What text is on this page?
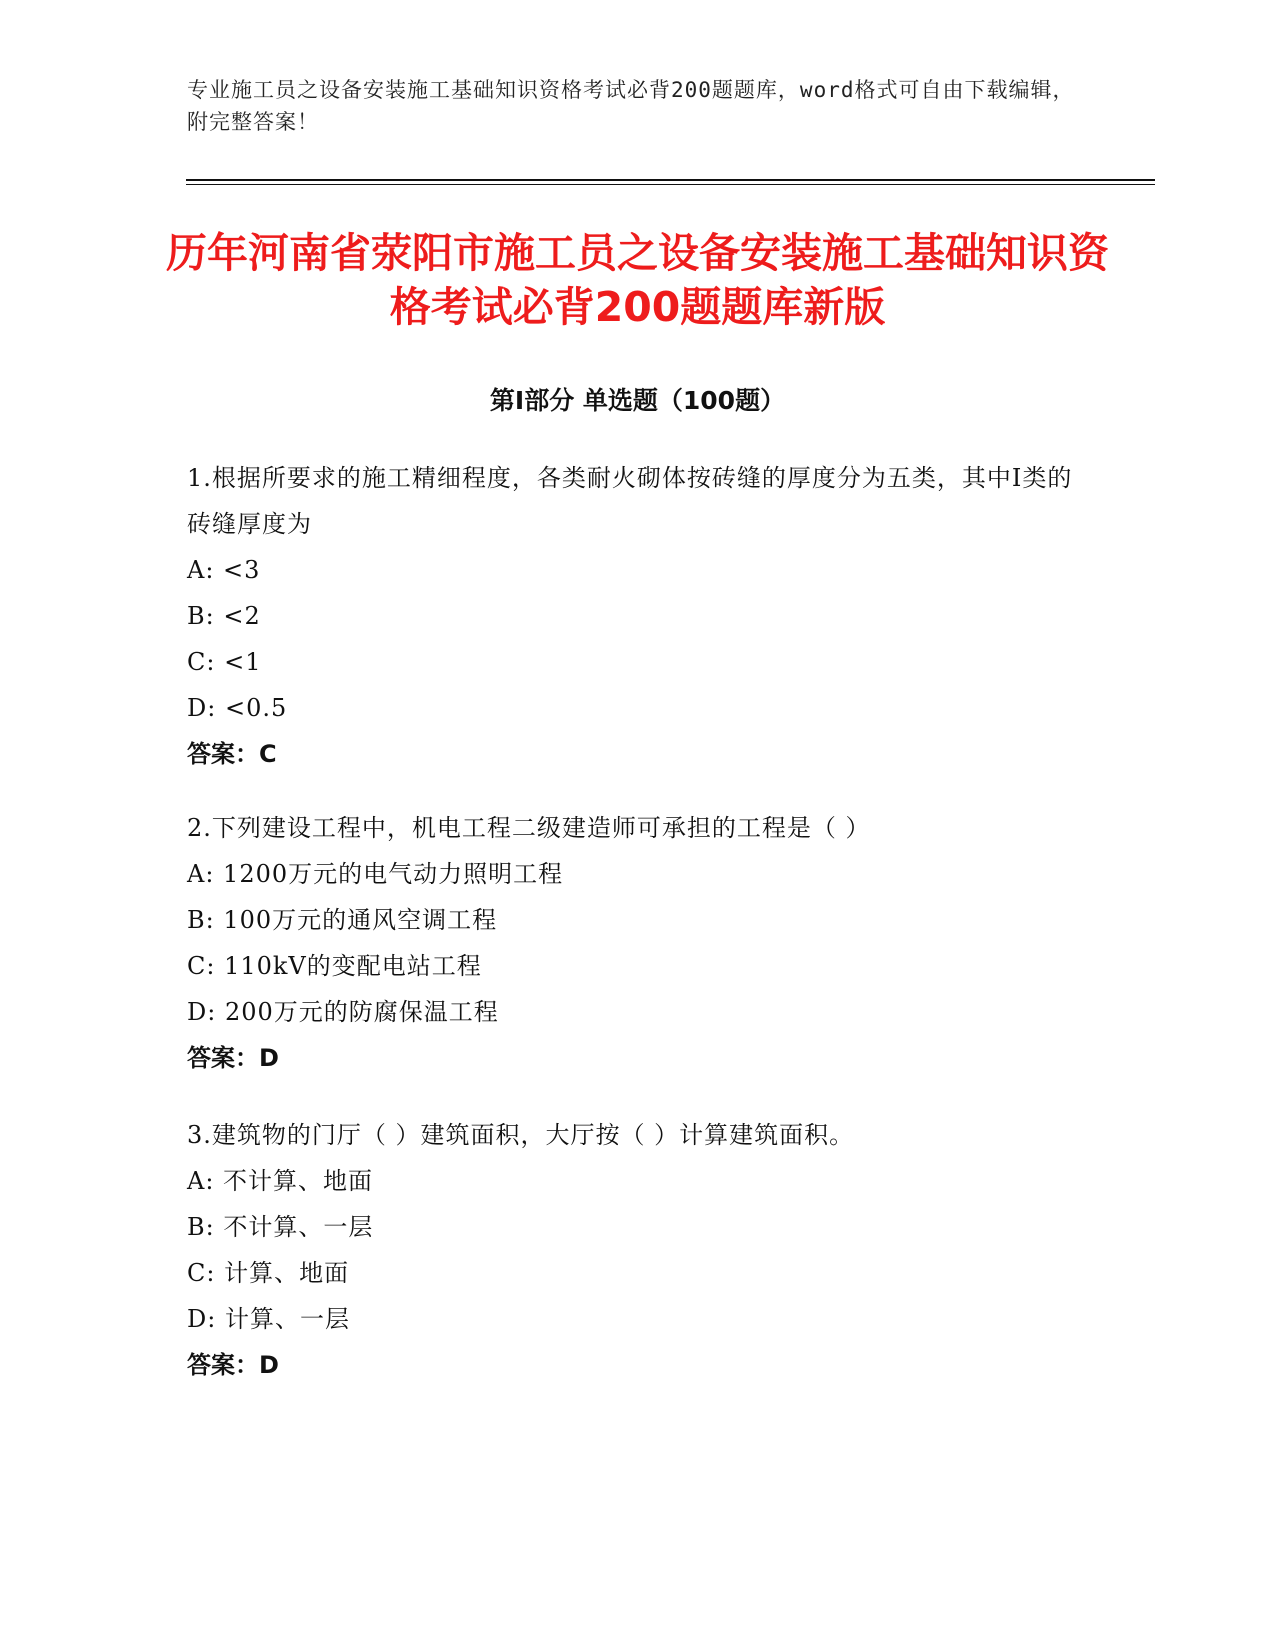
专业施工员之设备安装施工基础知识资格考试必背200题题库，word格式可自由下载编辑，附完整答案！
历年河南省荥阳市施工员之设备安装施工基础知识资格考试必背200题题库新版
第Ⅰ部分 单选题（100题）
1.根据所要求的施工精细程度，各类耐火砌体按砖缝的厚度分为五类，其中Ⅰ类的砖缝厚度为
A: <3
B: <2
C: <1
D: <0.5
答案：C
2.下列建设工程中，机电工程二级建造师可承担的工程是（ ）
A: 1200万元的电气动力照明工程
B: 100万元的通风空调工程
C: 110kV的变配电站工程
D: 200万元的防腐保温工程
答案：D
3.建筑物的门厅（ ）建筑面积，大厅按（ ）计算建筑面积。
A: 不计算、地面
B: 不计算、一层
C: 计算、地面
D: 计算、一层
答案：D
